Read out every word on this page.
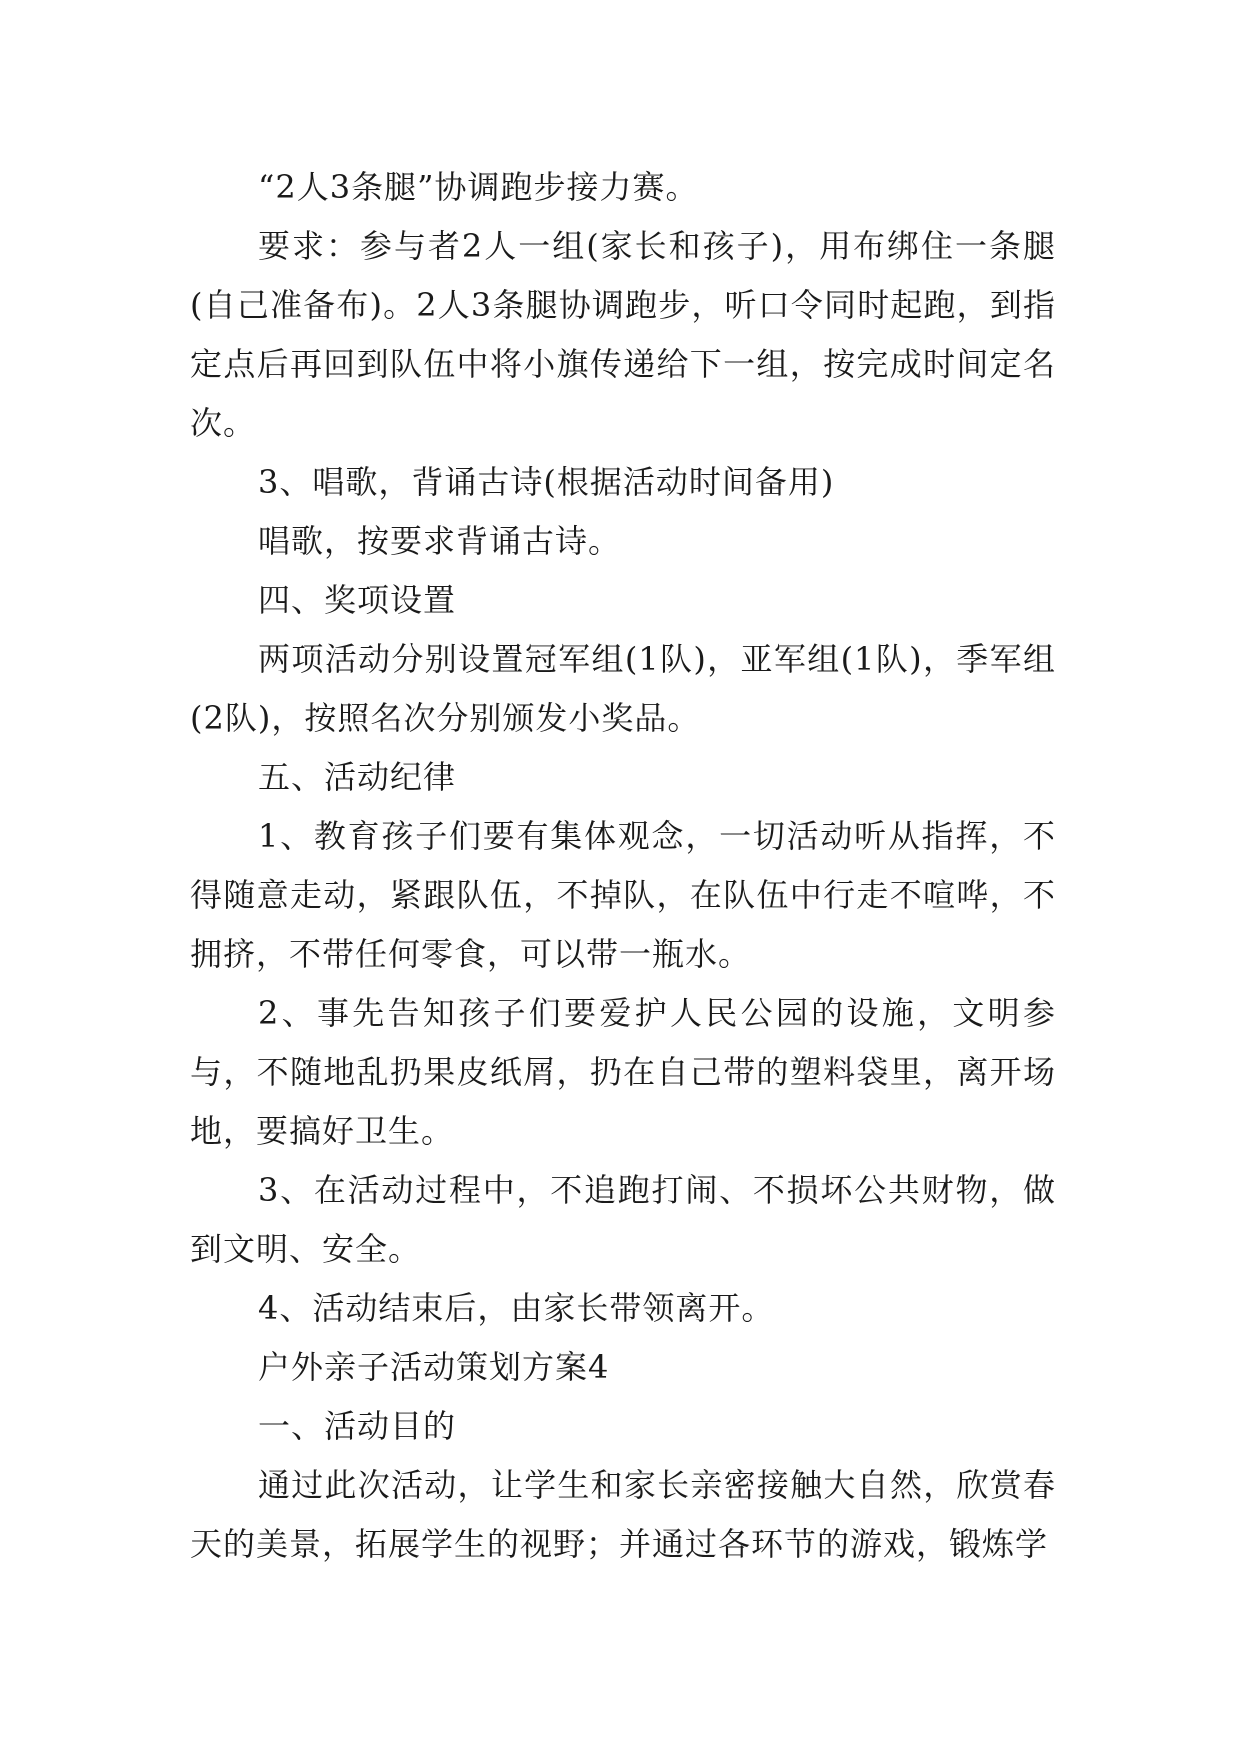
“2人3条腿”协调跑步接力赛。

要求：参与者2人一组(家长和孩子)，用布绑住一条腿(自己准备布)。2人3条腿协调跑步，听口令同时起跑，到指定点后再回到队伍中将小旗传递给下一组，按完成时间定名次。

3、唱歌，背诵古诗(根据活动时间备用)

唱歌，按要求背诵古诗。

四、奖项设置

两项活动分别设置冠军组(1队)，亚军组(1队)，季军组(2队)，按照名次分别颁发小奖品。

五、活动纪律

1、教育孩子们要有集体观念，一切活动听从指挥，不得随意走动，紧跟队伍，不掉队，在队伍中行走不喧哗，不拥挤，不带任何零食，可以带一瓶水。

2、事先告知孩子们要爱护人民公园的设施，文明参与，不随地乱扔果皮纸屑，扔在自己带的塑料袋里，离开场地，要搞好卫生。

3、在活动过程中，不追跑打闹、不损坏公共财物，做到文明、安全。

4、活动结束后，由家长带领离开。

户外亲子活动策划方案4

一、活动目的

通过此次活动，让学生和家长亲密接触大自然，欣赏春天的美景，拓展学生的视野；并通过各环节的游戏，锻炼学
